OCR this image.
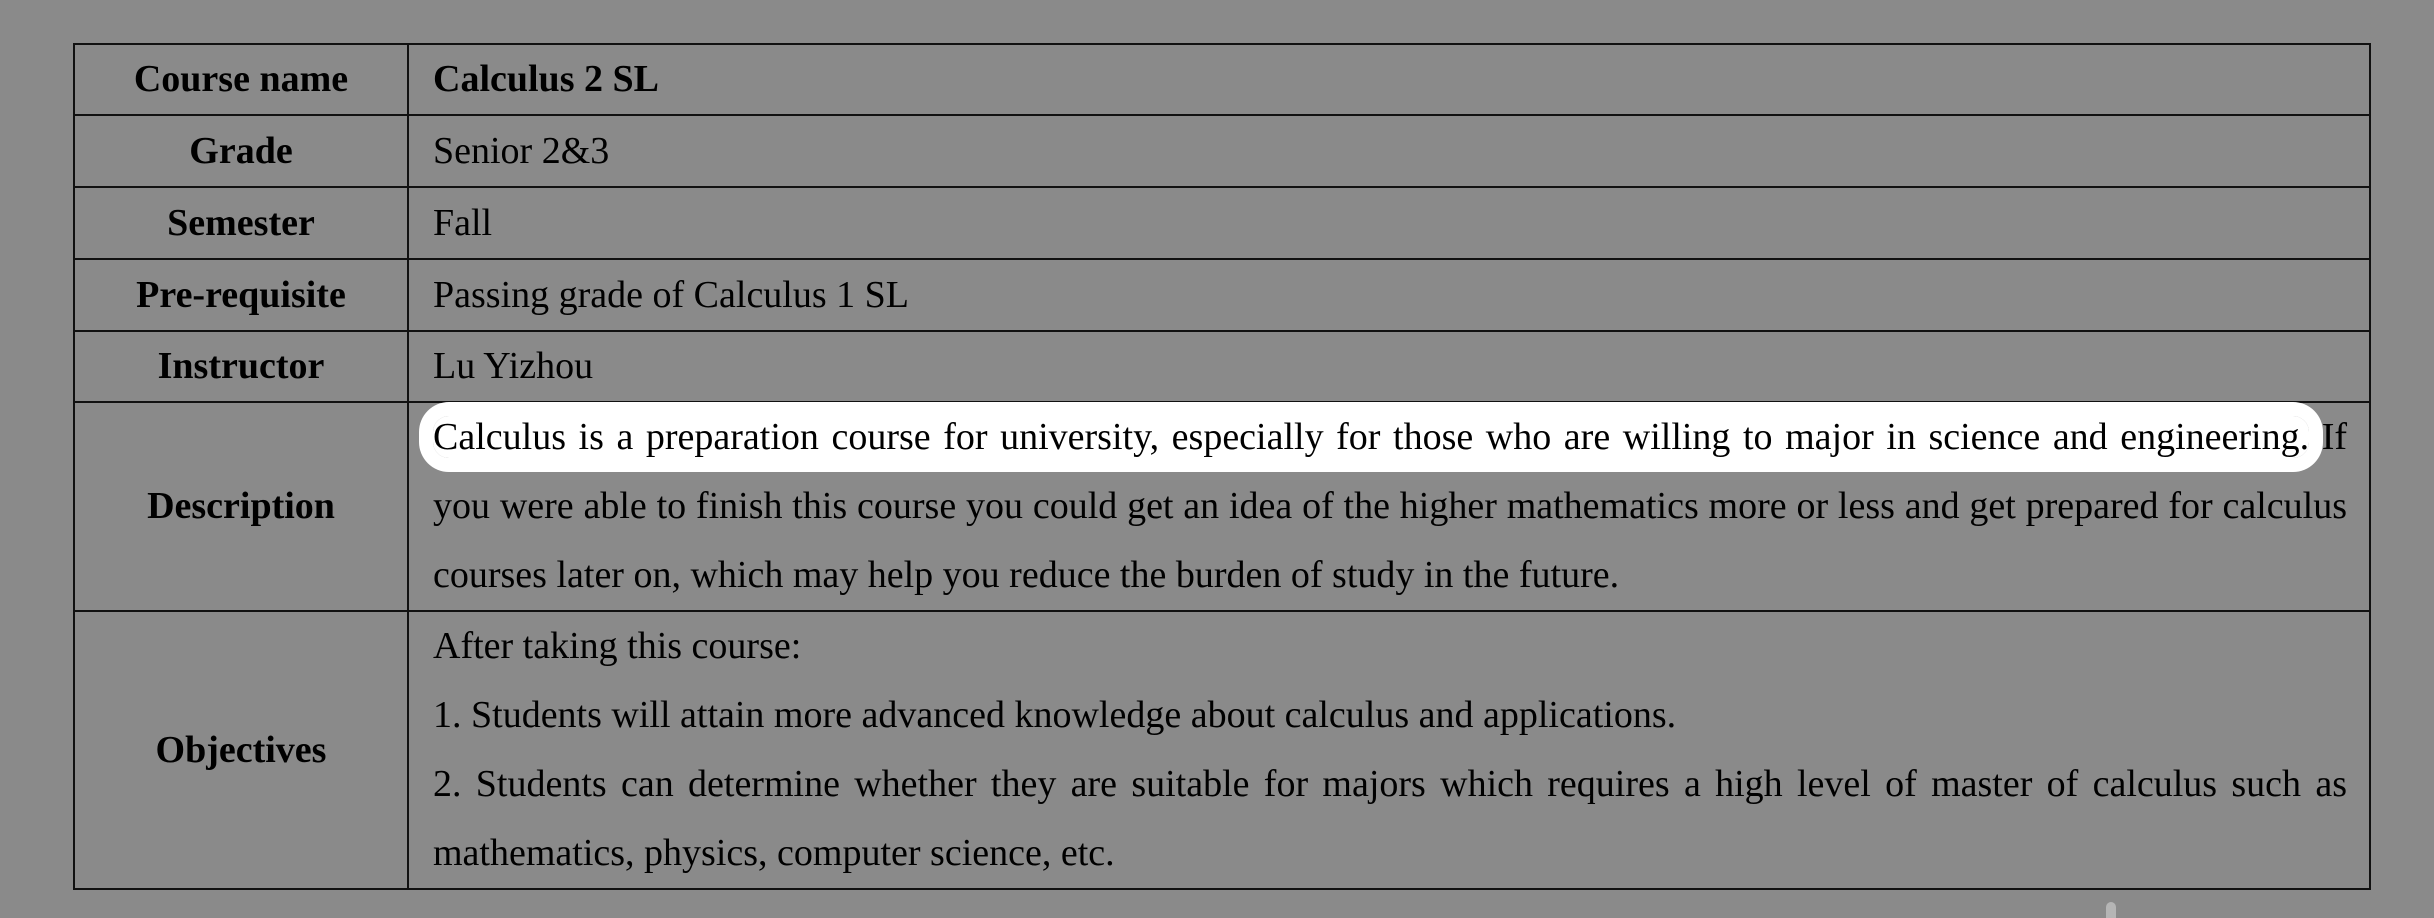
Course name	Calculus 2 SL
Grade	Senior 2&3
Semester	Fall
Pre-requisite	Passing grade of Calculus 1 SL
Instructor	Lu Yizhou
Description	Calculus is a preparation course for university, especially for those who are willing to major in science and engineering. If you were able to finish this course you could get an idea of the higher mathematics more or less and get prepared for calculus courses later on, which may help you reduce the burden of study in the future.

Objectives	After taking this course:
1. Students will attain more advanced knowledge about calculus and applications.
2. Students can determine whether they are suitable for majors which requires a high level of master of calculus such as mathematics, physics, computer science, etc.
